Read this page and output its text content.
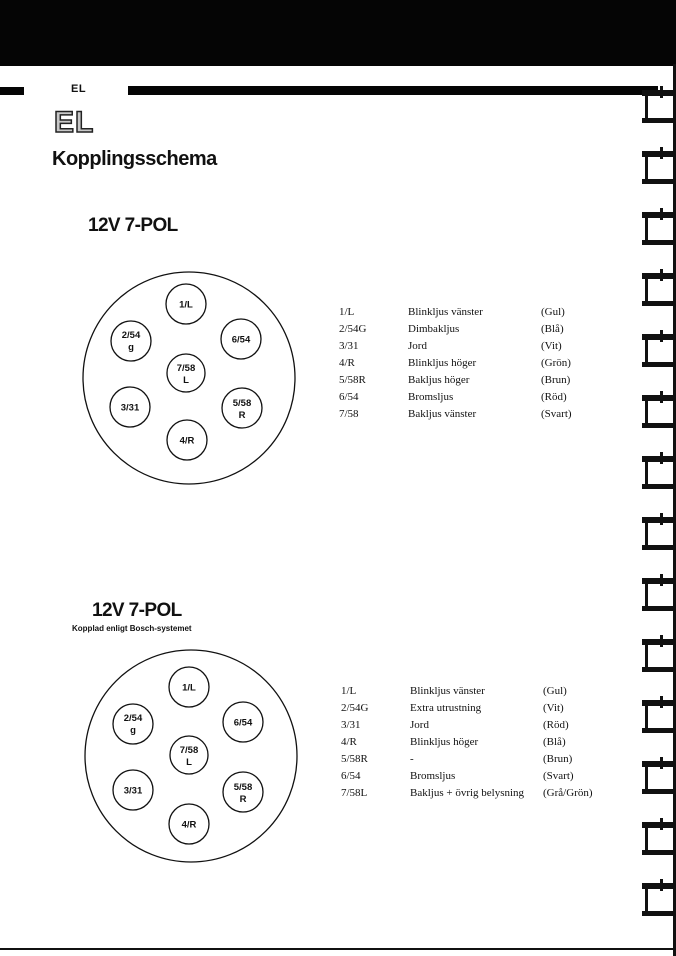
EL
EL
Kopplingsschema
12V 7-POL
1/L
6/54
5/58
R
4/R
3/31
2/54
g
7/58
L
1/L	Blinkljus vänster	(Gul)
2/54G	Dimbakljus	(Blå)
3/31	Jord	(Vit)
4/R	Blinkljus höger	(Grön)
5/58R	Bakljus höger	(Brun)
6/54	Bromsljus	(Röd)
7/58	Bakljus vänster	(Svart)
12V 7-POL
Kopplad enligt Bosch-systemet
1/L
6/54
5/58
R
4/R
3/31
2/54
g
7/58
L
1/L	Blinkljus vänster	(Gul)
2/54G	Extra utrustning	(Vit)
3/31	Jord	(Röd)
4/R	Blinkljus höger	(Blå)
5/58R	-	(Brun)
6/54	Bromsljus	(Svart)
7/58L	Bakljus + övrig belysning (Grå/Grön)
